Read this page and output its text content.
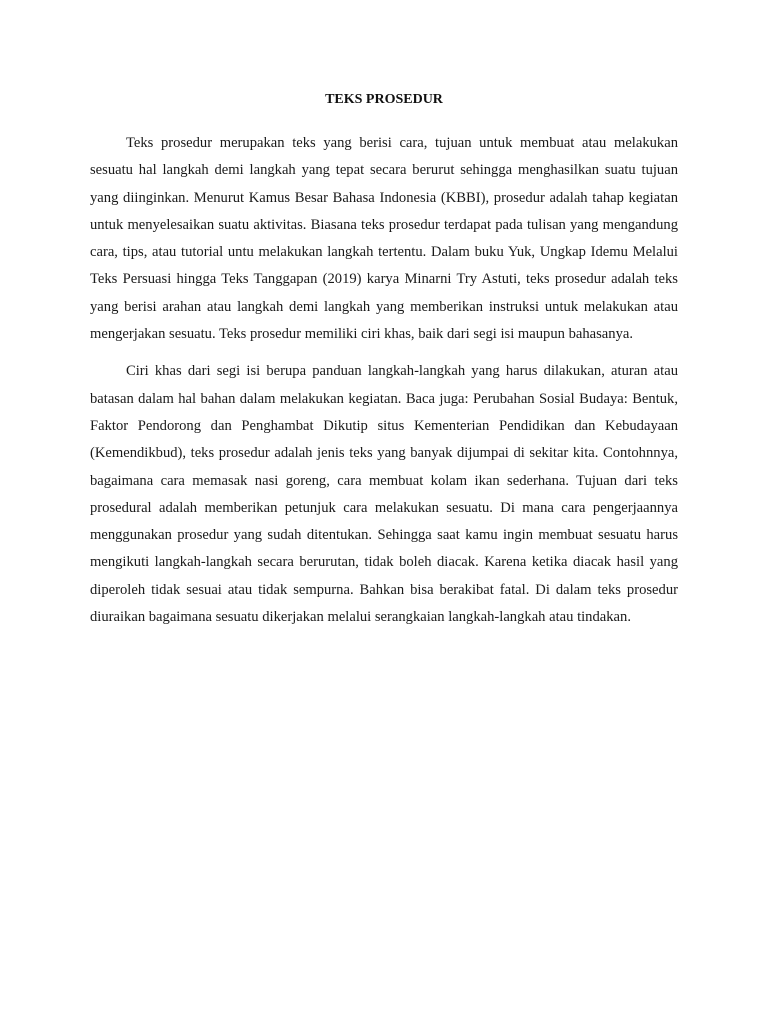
TEKS PROSEDUR

Teks prosedur merupakan teks yang berisi cara, tujuan untuk membuat atau melakukan sesuatu hal langkah demi langkah yang tepat secara berurut sehingga menghasilkan suatu tujuan yang diinginkan. Menurut Kamus Besar Bahasa Indonesia (KBBI), prosedur adalah tahap kegiatan untuk menyelesaikan suatu aktivitas. Biasana teks prosedur terdapat pada tulisan yang mengandung cara, tips, atau tutorial untu melakukan langkah tertentu. Dalam buku Yuk, Ungkap Idemu Melalui Teks Persuasi hingga Teks Tanggapan (2019) karya Minarni Try Astuti, teks prosedur adalah teks yang berisi arahan atau langkah demi langkah yang memberikan instruksi untuk melakukan atau mengerjakan sesuatu. Teks prosedur memiliki ciri khas, baik dari segi isi maupun bahasanya.

Ciri khas dari segi isi berupa panduan langkah-langkah yang harus dilakukan, aturan atau batasan dalam hal bahan dalam melakukan kegiatan. Baca juga: Perubahan Sosial Budaya: Bentuk, Faktor Pendorong dan Penghambat Dikutip situs Kementerian Pendidikan dan Kebudayaan (Kemendikbud), teks prosedur adalah jenis teks yang banyak dijumpai di sekitar kita. Contohnnya, bagaimana cara memasak nasi goreng, cara membuat kolam ikan sederhana. Tujuan dari teks prosedural adalah memberikan petunjuk cara melakukan sesuatu. Di mana cara pengerjaannya menggunakan prosedur yang sudah ditentukan. Sehingga saat kamu ingin membuat sesuatu harus mengikuti langkah-langkah secara berurutan, tidak boleh diacak. Karena ketika diacak hasil yang diperoleh tidak sesuai atau tidak sempurna. Bahkan bisa berakibat fatal. Di dalam teks prosedur diuraikan bagaimana sesuatu dikerjakan melalui serangkaian langkah-langkah atau tindakan.
